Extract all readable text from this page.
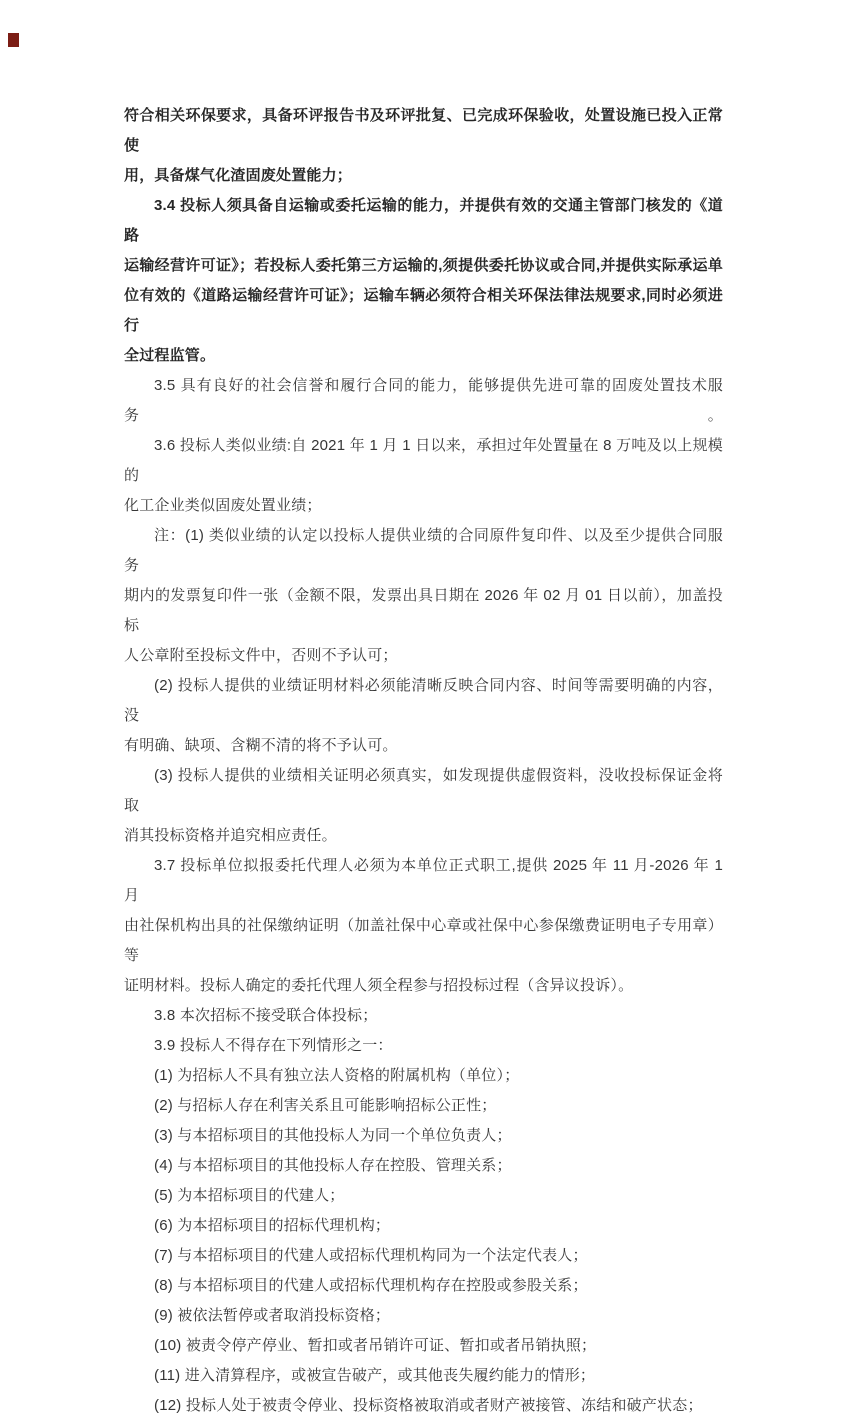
符合相关环保要求，具备环评报告书及环评批复、已完成环保验收，处置设施已投入正常使
用，具备煤气化渣固废处置能力；
3.4 投标人须具备自运输或委托运输的能力，并提供有效的交通主管部门核发的《道路
运输经营许可证》；若投标人委托第三方运输的,须提供委托协议或合同,并提供实际承运单
位有效的《道路运输经营许可证》；运输车辆必须符合相关环保法律法规要求,同时必须进行
全过程监管。
3.5 具有良好的社会信誉和履行合同的能力，能够提供先进可靠的固废处置技术服务。
3.6 投标人类似业绩:自 2021 年 1 月 1 日以来，承担过年处置量在 8 万吨及以上规模的
化工企业类似固废处置业绩；
注：(1) 类似业绩的认定以投标人提供业绩的合同原件复印件、以及至少提供合同服务
期内的发票复印件一张（金额不限，发票出具日期在 2026 年 02 月 01 日以前），加盖投标
人公章附至投标文件中，否则不予认可；
(2) 投标人提供的业绩证明材料必须能清晰反映合同内容、时间等需要明确的内容，没
有明确、缺项、含糊不清的将不予认可。
(3) 投标人提供的业绩相关证明必须真实，如发现提供虚假资料，没收投标保证金将取
消其投标资格并追究相应责任。
3.7 投标单位拟报委托代理人必须为本单位正式职工,提供 2025 年 11 月-2026 年 1 月
由社保机构出具的社保缴纳证明（加盖社保中心章或社保中心参保缴费证明电子专用章）等
证明材料。投标人确定的委托代理人须全程参与招投标过程（含异议投诉）。
3.8 本次招标不接受联合体投标；
3.9 投标人不得存在下列情形之一：
(1) 为招标人不具有独立法人资格的附属机构（单位）；
(2) 与招标人存在利害关系且可能影响招标公正性；
(3) 与本招标项目的其他投标人为同一个单位负责人；
(4) 与本招标项目的其他投标人存在控股、管理关系；
(5) 为本招标项目的代建人；
(6) 为本招标项目的招标代理机构；
(7) 与本招标项目的代建人或招标代理机构同为一个法定代表人；
(8) 与本招标项目的代建人或招标代理机构存在控股或参股关系；
(9) 被依法暂停或者取消投标资格；
(10) 被责令停产停业、暂扣或者吊销许可证、暂扣或者吊销执照；
(11) 进入清算程序，或被宣告破产，或其他丧失履约能力的情形；
(12) 投标人处于被责令停业、投标资格被取消或者财产被接管、冻结和破产状态；
